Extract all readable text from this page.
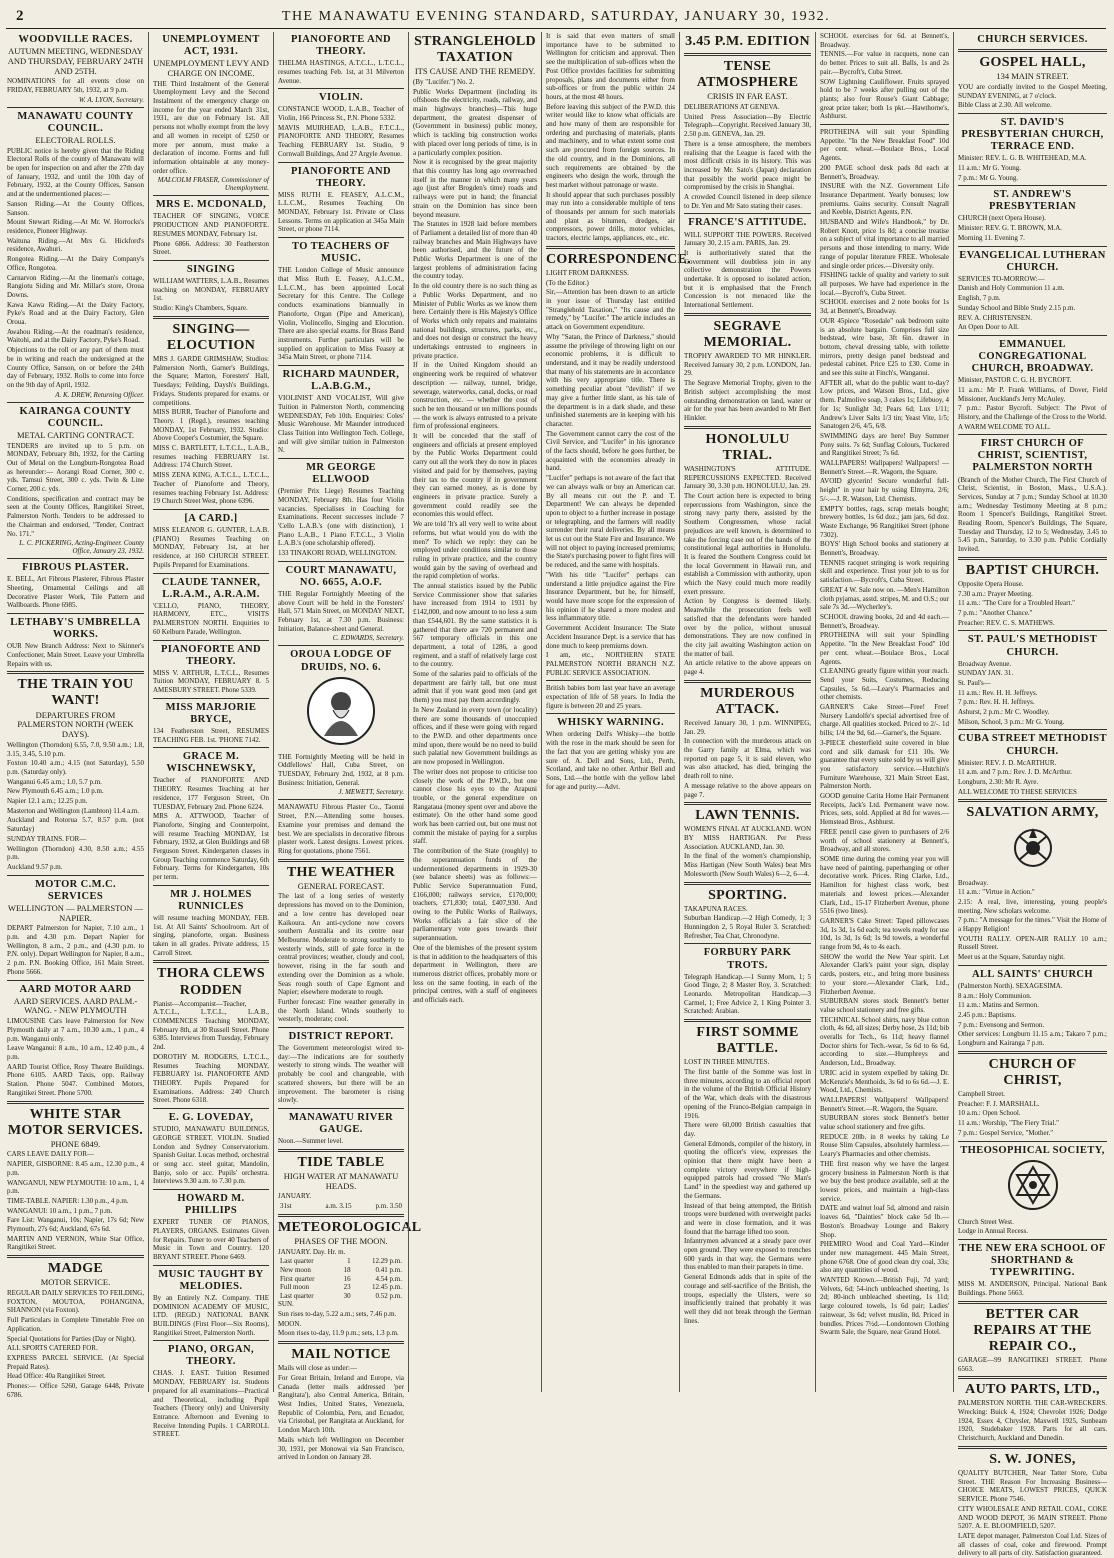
2	THE MANAWATU EVENING STANDARD, SATURDAY, JANUARY 30, 1932.
WOODVILLE RACES.
AUTUMN MEETING, WEDNESDAY AND THURSDAY, FEBRUARY 24TH AND 25TH.

NOMINATIONS for all events close on FRIDAY, FEBRUARY 5th, 1932, at 9 p.m.

W. A. LYON, Secretary.
MANAWATU COUNTY COUNCIL.
ELECTORAL ROLLS.

PUBLIC notice is hereby given that the Riding Electoral Rolls of the county of Manawatu will be open for inspection on and after the 27th day of January, 1932, and until the 10th day of February, 1932, at the County Offices, Sanson and at the undermentioned places:—

Sanson Riding.—At the County Offices, Sanson.

Mount Stewart Riding.—At Mr. W. Horrocks's residence, Pioneer Highway.

Waituna Riding.—At Mrs G. Hickford's residence, Awahuri.

Rongotea Riding.—At the Dairy Company's Office, Rongotea.

Carnarvon Riding.—At the lineman's cottage, Rangiotu Siding and Mr. Millar's store, Oroua Downs.

Kawa Kawa Riding.—At the Dairy Factory, Pyke's Road and at the Dairy Factory, Glen Oroua.

Awahou Riding.—At the roadman's residence, Waitohi, and at the Dairy Factory, Pyke's Road.

Objections to the roll or any part of them must be in writing and reach the undersigned at the County Office, Sanson, on or before the 24th day of February, 1932. Rolls to come into force on the 9th day of April, 1932.

A. K. DREW, Returning Officer.
KAIRANGA COUNTY COUNCIL.
METAL CARTING CONTRACT.

TENDERS are invited up to 5 p.m. on MONDAY, February 8th, 1932, for the Carting Out of Metal on the Longburn-Rongotea Road as hereunder:— Aorangi Road Corner, 300 c. yds. Tamsui Street, 300 c. yds. Twin & Line Corner, 200 c. yds.

Conditions, specification and contract may be seen at the County Offices, Rangitikei Street, Palmerston North. Tenders to be addressed to the Chairman and endorsed, "Tender, Contract No. 171."

L. C. PICKERING, Acting-Engineer. County Office, January 23, 1932.
FIBROUS PLASTER.

E. BELL, Art Fibrous Plasterer, Fibrous Plaster Sheeting, Ornamental Ceilings and all Decorative Plaster Work, Tile Pattern and Wallboards. Phone 6985.

LETHABY'S UMBRELLA WORKS.

OUR New Branch Address: Next to Skinner's Confectioner, Main Street. Leave your Umbrella Repairs with us.

THE TRAIN YOU WANT!
DEPARTURES FROM PALMERSTON NORTH (WEEK DAYS).

Wellington (Thorndon) 6.55, 7.0, 9.50 a.m.; 1.8, 3.15, 3.45, 5.10 p.m.

Foxton 10.40 a.m.; 4.15 (not Saturday), 5.50 p.m. (Saturday only).

Wanganui 6.45 a.m.; 1.0, 5.7 p.m.

New Plymouth 6.45 a.m.; 1.0 p.m.

Napier 12.1 a.m.; 12.25 p.m.

Masterton and Wellington (Lambton) 11.4 a.m.

Auckland and Rotorua 5.7, 8.57 p.m. (not Saturday)

SUNDAY TRAINS. FOR—

Wellington (Thorndon) 4.30, 8.50 a.m.; 4.55 p.m.

Auckland 9.57 p.m.

MOTOR C.M.C. SERVICES
WELLINGTON — PALMERSTON — NAPIER.

DEPART Palmerston for Napier, 7.10 a.m., 1 p.m. and 4.30 p.m. Depart Napier for Wellington, 8 a.m., 2 p.m., and (4.30 p.m. to P.N. only). Depart Wellington for Napier, 8 a.m., 2 p.m. P.N. Booking Office, 161 Main Street. Phone 5666.

AARD MOTOR AARD
AARD SERVICES. AARD PALM.- WANG. - NEW PLYMOUTH

LIMOUSINE Cars leave Palmerston for New Plymouth daily at 7 a.m., 10.30 a.m., 1 p.m., 4 p.m. Wanganui only.

Leave Wanganui: 8 a.m., 10 a.m., 12.40 p.m., 4 p.m.

AARD Tourist Office, Rosy Theatre Buildings. Phone 6105. AARD Taxis, opp. Railway Station. Phone 5047. Combined Motors, Rangitikei Street. Phone 5700.

WHITE STAR MOTOR SERVICES.
PHONE 6849.

CARS LEAVE DAILY FOR—

NAPIER, GISBORNE: 8.45 a.m., 12.30 p.m., 4 p.m.

WANGANUI, NEW PLYMOUTH: 10 a.m., 1, 4 p.m.

TIME-TABLE. NAPIER: 1.30 p.m., 4 p.m.

WANGANUI: 10 a.m., 1 p.m., 7 p.m.

Fare List: Wanganui, 10s; Napier, 17s 6d; New Plymouth, 27s 6d; Auckland, 67s 6d.

MARTIN AND VERNON, White Star Office, Rangitikei Street.

MADGE
MOTOR SERVICE.

REGULAR DAILY SERVICES TO FEILDING, FOXTON, MOUTOA, POHANGINA, SHANNON (via Foxton).

Full Particulars in Complete Timetable Free on Application.

Special Quotations for Parties (Day or Night).

ALL SPORTS CATERED FOR.

EXPRESS PARCEL SERVICE. (At Special Prepaid Rates).

Head Office: 40a Rangitikei Street.

Phones:— Office 5260, Garage 6448, Private 6786.

UNEMPLOYMENT ACT, 1931.
UNEMPLOYMENT LEVY AND CHARGE ON INCOME.

THE Third Instalment of the General Unemployment Levy and the Second Instalment of the emergency charge on income for the year ended March 31st, 1931, are due on February 1st. All persons not wholly exempt from the levy and all women in receipt of £250 or more per annum, must make a declaration of income. Forms and full information obtainable at any money-order office.

MALCOLM FRASER, Commissioner of Unemployment.
MRS E. MCDONALD,

TEACHER OF SINGING, VOICE PRODUCTION AND PIANOFORTE. RESUMES MONDAY, February 1st.

Phone 6866. Address: 30 Featherston Street.

SINGING

WILLIAM WATTERS, L.A.B., Resumes teaching on MONDAY, FEBRUARY 1st.

Studio: King's Chambers, Square.

SINGING—ELOCUTION

MRS J. GARDE GRIMSHAW, Studios: Palmerston North, Garner's Buildings, the Square; Marton, Foresters' Hall, Tuesdays; Feilding, Daysh's Buildings, Fridays. Students prepared for exams. or competitions.

MISS BURR, Teacher of Pianoforte and Theory. 1 (Regd.), resumes teaching MONDAY, 1st February, 1932. Studio: Above Cooper's Costumier, the Square.

MISS C. BARTLETT, L.T.C.L., L.A.B., resumes teaching FEBRUARY 1st. Address: 174 Church Street.

MISS ZENA KING, A.T.C.L., L.T.C.L., Teacher of Pianoforte and Theory, resumes teaching February 1st. Address: 19 Church Street West, phone 6396.

[A CARD.]

MISS ELEANOR G. GUNTER, L.A.B. (PIANO) Resumes Teaching on MONDAY, February 1st, at her residence, at 160 CHURCH STREET. Pupils Prepared for Examinations.

CLAUDE TANNER, L.R.A.M., A.R.A.M.

'CELLO, PIANO, THEORY, HARMONY, ETC., VISITS PALMERSTON NORTH. Enquiries to 60 Kelburn Parade, Wellington.

PIANOFORTE AND THEORY.

MISS V. ARTHUR, L.T.C.L., Resumes Tuition MONDAY, FEBRUARY 8. 5 AMESBURY STREET. Phone 5339.

MISS MARJORIE BRYCE,

134 Featherston Street, RESUMES TEACHING FEB. 1st. 'PHONE 7142.

GRACE M. WISCHNEWSKY,

Teacher of PIANOFORTE AND THEORY. Resumes Teaching at her residence, 177 Ferguson Street, On TUESDAY, February 2nd. Phone 6224.

MRS A. ATTWOOD, Teacher of Pianoforte, Singing and Counterpoint, will resume Teaching MONDAY, 1st February, 1932, at Glen Buildings and 68 Ferguson Street. Kindergarten classes in Group Teaching commence Saturday, 6th February. Terms for Kindergarten, 10s per term.

MR J. HOLMES RUNNICLES

will resume teaching MONDAY, FEB. 1st. At All Saints' Schoolroom. Art of singing, pianoforte, organ. Business taken in all grades. Private address, 15 Carroll Street.

THORA CLEWS RODDEN

Pianist—Accompanist—Teacher, A.T.C.L., L.T.C.L., L.A.B., COMMENCES Teaching MONDAY, February 8th, at 30 Russell Street. Phone 6385. Interviews from Tuesday, February 2nd.

DOROTHY M. RODGERS, L.T.C.L., Resumes Teaching MONDAY, FEBRUARY 1st. PIANOFORTE AND THEORY. Pupils Prepared for Examinations. Address: 240 Church Street. Phone 6318.

E. G. LOVEDAY,

STUDIO, MANAWATU BUILDINGS, GEORGE STREET. VIOLIN. Studied London and Sydney Conservatorium. Spanish Guitar. Lucas method, orchestral or song acc. steel guitar, Mandolin, Banjo, solo or acc. Pupils' orchestra. Interviews 9.30 a.m. to 7.30 p.m.

HOWARD M. PHILLIPS

EXPERT TUNER OF PIANOS, PLAYERS, ORGANS. Estimates Given for Repairs. Tuner to over 40 Teachers of Music in Town and Country. 120 BRYANT STREET. Phone 6469.

MUSIC TAUGHT BY MELODIES.

By an Entirely N.Z. Company. THE DOMINION ACADEMY OF MUSIC, LTD. (REGD.) NATIONAL BANK BUILDINGS (First Floor—Six Rooms), Rangitikei Street, Palmerston North.

PIANO, ORGAN, THEORY.

CHAS. J. EAST. Tuition Resumed MONDAY, FEBRUARY 1st. Students prepared for all examinations—Practical and Theoretical, including Pupil Teachers (Theory only) and University Entrance. Afternoon and Evening to Receive Intending Pupils. 1 CARROLL STREET.

PIANOFORTE AND THEORY.

THELMA HASTINGS, A.T.C.L., L.T.C.L., resumes teaching Feb. 1st, at 31 Milverton Avenue.

VIOLIN.

CONSTANCE WOOD, L.A.B., Teacher of Violin, 166 Princess St., P.N. Phone 5332.

MAVIS MUIRHEAD, L.A.B., F.T.C.L., PIANOFORTE AND THEORY, Resumes Teaching FEBRUARY 1st. Studio, 9 Cornwall Buildings, And 27 Argyle Avenue.

PIANOFORTE AND THEORY.

MISS RUTH E. FEASEY, A.L.C.M., L.L.C.M., Resumes Teaching On MONDAY, February 1st. Private or Class Lessons. Terms on application at 345a Main Street, or phone 7114.

TO TEACHERS OF MUSIC.

THE London College of Music announce that Miss Ruth E. Feasey, A.L.C.M., L.L.C.M., has been appointed Local Secretary for this Centre. The College conducts examinations biannually in Pianoforte, Organ (Pipe and American), Violin, Violincello, Singing and Elocution. There are also special exams. for Brass Band instruments. Further particulars will be supplied on application to Miss Feasey at 345a Main Street, or phone 7114.

RICHARD MAUNDER, L.A.B.G.M.,

VIOLINIST AND VOCALIST, Will give Tuition in Palmerston North, commencing WEDNESDAY, Feb 10th. Enquiries: Coles' Music Warehouse. Mr Maunder introduced Class Tuition into Wellington Tech. College, and will give similar tuition in Palmerston N.

MR GEORGE ELLWOOD

(Premier Prix Liege) Resumes Teaching MONDAY, February 8th. Has four Violin vacancies. Specialises in Coaching for Examinations. Recent successes include 7 'Cello L.A.B.'s (one with distinction), 1 Piano L.A.B., 1 Piano F.T.C.L., 3 Violin L.A.B.'s (one scholarship offered).

133 TINAKORI ROAD, WELLINGTON.

COURT MANAWATU, NO. 6655, A.O.F.

THE Regular Fortnightly Meeting of the above Court will be held in the Foresters' Hall, 571 Main Street, on MONDAY NEXT, February 1st, at 7.30 p.m. Business: Initiation, Balance-sheet and General.

C. EDWARDS, Secretary.
OROUA LODGE OF DRUIDS, NO. 6.

THE Fortnightly Meeting will be held in Oddfellows' Hall, Cuba Street, on TUESDAY, February 2nd, 1932, at 8 p.m. Business: Initiation, General.

J. MEWETT, Secretary.

MANAWATU Fibrous Plaster Co., Taonui Street, P.N.—Attending some houses. Examine your premises and demand the best. We are specialists in decorative fibrous plaster work. Latest designs. Lowest prices. Ring for quotations, phone 7561.

THE WEATHER
GENERAL FORECAST.

The last of a long series of westerly depressions has moved on to the Dominion, and a low centre has developed near Kaikoura. An anti-cyclone now covers southern Australia and its centre near Melbourne. Moderate to strong southerly to westerly winds, still of gale force in the central provinces; weather, cloudy and cool, however, rising in the far south and extending over the Dominion as a whole. Seas rough south of Cape Egmont and Napier; elsewhere moderate to rough.

Further forecast: Fine weather generally in the North Island. Winds southerly to westerly, moderate; cool.

DISTRICT REPORT.

The Government meteorologist wired to-day:—The indications are for southerly westerly to strong winds. The weather will probably be cool and changeable, with scattered showers, but there will be an improvement. The barometer is rising slowly.

MANAWATU RIVER GAUGE.

Noon.—Summer level.

TIDE TABLE
HIGH WATER AT MANAWATU HEADS.

JANUARY.

31st	a.m. 3.15	p.m. 3.50
METEOROLOGICAL
PHASES OF THE MOON.

JANUARY. Day. Hr. m.

Last quarter	1	12.29 p.m.
New moon	18	0.41 p.m.
First quarter	16	4.54 p.m.
Full moon	23	12.45 p.m.
Last quarter	30	0.52 p.m.

SUN.

Sun rises to-day, 5.22 a.m.; sets, 7.46 p.m.

MOON.

Moon rises to-day, 11.9 p.m.; sets, 1.3 p.m.

MAIL NOTICE

Mails will close as under:—

For Great Britain, Ireland and Europe, via Canada (letter mails addressed 'per Rangitata'), also Central America, Britain, West Indies, United States, Venezuela, Republic of Colombia, Peru, and Ecuador, via Cristobal, per Rangitata at Auckland, for London March 10th.

Mails which left Wellington on December 30, 1931, per Monowai via San Francisco, arrived in London on January 28.

STRANGLEHOLD TAXATION
ITS CAUSE AND THE REMEDY.

(By "Lucifer.") No. 2.

Public Works Department (including its offshoots the electricity, roads, railway, and main highways branches)—This huge department, the greatest dispenser of (Government in business) public money, which is tackling big construction works with placed over long periods of time, is in a particularly complex position.

Now it is recognised by the great majority that this country has long ago overreached itself in the manner in which many years ago (just after Brogden's time) roads and railways were put in hand; the financial strain on the Dominion has since been beyond measure.

The Statutes in 1928 laid before members of Parliament a detailed list of more than 40 railway branches and Main Highways have been authorised, and the future of the Public Works Department is one of the largest problems of administration facing the country today.

In the old country there is no such thing as a Public Works Department, and no Minister of Public Works as we know them here. Certainly there is His Majesty's Office of Works which only repairs and maintains national buildings, structures, parks, etc., and does not design or construct the heavy undertakings entrusted to engineers in private practice.

If in the United Kingdom should an engineering work be required of whatever description — railway, tunnel, bridge, sewerage, waterworks, canal, docks, or road construction, etc. — whether the cost of such be ten thousand or ten millions pounds — the work is always entrusted to a private firm of professional engineers.

It will be conceded that the staff of engineers and officials at present employed by the Public Works Department could carry out all the work they do now in places visited and paid for by themselves, paying their tax to the country if in government they can earned money, as is done by engineers in private practice. Surely a government could readily see the economies this would effect.

We are told 'It's all very well to write about reforms, but what would you do with the men?' To which we reply: they can be employed under conditions similar to those ruling in private practice, and the country would gain by the saving of overhead and the rapid completion of works.

The annual statistics issued by the Public Service Commissioner show that salaries have increased from 1914 to 1931 by £142,000, and now amount to no less a sum than £544,601. By the same statistics it is gathered that there are 720 permanent and 567 temporary officials in this one department, a total of 1286, a good regiment, and a staff of relatively large cost to the country.

Some of the salaries paid to officials of the department are fairly tall, but one must admit that if you want good men (and get them) you must pay them accordingly.

In New Zealand in every town (or locality) there are some thousands of unoccupied offices, and if these were going with regard to the P.W.D. and other departments once mind upon, there would be no need to build such palatial new Government buildings as are now proposed in Wellington.

The writer does not propose to criticise too closely the work of the P.W.D., but one cannot close his eyes to the Arapuni trouble, or the general expenditure on Rangataua (money spent over and above the estimate). On the other hand some good work has been carried out, but one must not commit the mistake of paying for a surplus staff.

The contribution of the State (roughly) to the superannuation funds of the undermentioned departments in 1929-30 (see balance sheets) was as follows:—Public Service Superannuation Fund, £166,000; railways service, £170,000; teachers, £71,830; total, £407,930. And owing to the Public Works of Railways, Works officials a fair slice of the parliamentary vote goes towards their superannuation.

One of the blemishes of the present system is that in addition to the headquarters of this department in Wellington, there are numerous district offices, probably more or less on the same footing, in each of the principal centres, with a staff of engineers and officials each.

It is said that even matters of small importance have to be submitted to Wellington for criticism and approval. Then see the multiplication of sub-offices when the Post Office provides facilities for submitting proposals, plans and documents either from sub-offices or from the public within 24 hours, at the most 48 hours.

Before leaving this subject of the P.W.D. this writer would like to know what officials are and how many of them are responsible for ordering and purchasing of materials, plants and machinery, and to what extent some cost such are procured from foreign sources. In the old country, and in the Dominions, all such requirements are obtained by the engineers who design the work, through the best market without patronage or waste.

It should appear that such purchases possibly may run into a considerable multiple of tens of thousands per annum for such materials and plant as bitumen, dredges, air compressors, power drills, motor vehicles, tractors, electric lamps, appliances, etc., etc.

CORRESPONDENCE.

LIGHT FROM DARKNESS.

(To the Editor.)

Sir,—Attention has been drawn to an article in your issue of Thursday last entitled "Stranglehold Taxation," "Its cause and the remedy," by "Lucifer." The article includes an attack on Government expenditure.

Why "Satan, the Prince of Darkness," should assume the privilege of throwing light on our economic problems, it is difficult to understand, and it may be readily understood that many of his statements are in accordance with his very appropriate title. There is something peculiar about "devilish" if we may give a further little slant, as his tale of the department is in a dark shade, and these unfinished statements are in keeping with his character.

The Government cannot carry the cost of the Civil Service, and "Lucifer" in his ignorance of the facts should, before he goes further, be acquainted with the economies already in hand.

"Lucifer" perhaps is not aware of the fact that we can always walk or buy an American car. By all means cut out the P. and T. Department! We can always be depended upon to object to a further increase in postage or telegraphing, and the farmers will readily surrender their rural deliveries. By all means let us cut out the State Fire and Insurance. We will not object to paying increased premiums; the State's purchasing power to fight fires will be reduced, and the same with hospitals.

"With his title "Lucifer" perhaps can understand a little prejudice against the Fire Insurance Department, but he, for himself, would have more scope for the expression of his opinion if he shared a more modest and less inflammatory title.

Government Accident Insurance: The State Accident Insurance Dept. is a service that has done much to keep premiums down.

I am, etc., NORTHERN STATE PALMERSTON NORTH BRANCH N.Z. PUBLIC SERVICE ASSOCIATION.

British babies born last year have an average expectation of life of 58 years. In India the figure is between 20 and 25 years.

WHISKY WARNING.

When ordering Dell's Whisky—the bottle with the rose in the mark should be seen for the fact that you are getting whisky you are sure of. A. Dell and Sons, Ltd., Perth, Scotland, and take no other. Arthur Bell and Sons, Ltd.—the bottle with the yellow label for age and purity.—Advt.

3.45 P.M. EDITION
TENSE ATMOSPHERE
CRISIS IN FAR EAST.

DELIBERATIONS AT GENEVA.

United Press Association—By Electric Telegraph—Copyright. Received January 30, 2.50 p.m. GENEVA, Jan. 29.

There is a tense atmosphere, the members realising that the League is faced with the most difficult crisis in its history. This was increased by Mr. Sato's (Japan) declaration that possibly the world peace might be compromised by the crisis in Shanghai.

A crowded Council listened in deep silence to Dr. Yen and Mr Sato stating their cases.

FRANCE'S ATTITUDE.

WILL SUPPORT THE POWERS. Received January 30, 2.15 a.m. PARIS, Jan. 29.

It is authoritatively stated that the Government will doubtless join in any collective demonstration the Powers undertake. It is opposed to isolated action, but it is emphasised that the French Concession is not menaced like the International Settlement.

SEGRAVE MEMORIAL.

TROPHY AWARDED TO MR HINKLER. Received January 30, 2 p.m. LONDON, Jan. 29.

The Segrave Memorial Trophy, given to the British subject accomplishing the most outstanding demonstration on land, water or air for the year has been awarded to Mr Bert Hinkler.

HONOLULU TRIAL.

WASHINGTON'S ATTITUDE. REPERCUSSIONS EXPECTED. Received January 30, 3.30 p.m. HONOLULU, Jan. 29.

The Court action here is expected to bring repercussions from Washington, since the strong navy party there, assisted by the Southern Congressmen, whose racial prejudices are well known, is determined to take the forcing case out of the hands of the constitutional legal authorities in Honolulu. It is feared the Southern Congress could let the local Government in Hawaii run, and establish a Commission with authority, upon which the Navy could much more readily exert pressure.

Action by Congress is deemed likely. Meanwhile the prosecution feels well satisfied that the defendants were handed over by the police, without unusual demonstrations. They are now confined in the city jail awaiting Washington action on the matter of bail.

An article relative to the above appears on page 4.

MURDEROUS ATTACK.

Received January 30, 1 p.m. WINNIPEG, Jan. 29.

In connection with the murderous attack on the Garry family at Elma, which was reported on page 5, it is said eleven, who was also attacked, has died, bringing the death roll to nine.

A message relative to the above appears on page 7.

LAWN TENNIS.

WOMEN'S FINAL AT AUCKLAND. WON BY MISS HARTIGAN. Per Press Association. AUCKLAND, Jan. 30.

In the final of the women's championship, Miss Hartigan (New South Wales) beat Mrs Molesworth (New South Wales) 6—2, 6—4.

SPORTING.

TAKAPUNA RACES.

Suburban Handicap.—2 High Comedy, 1; 3 Hunningdon 2, 5 Royal Ruler 3. Scratched: Refresher, Tea Chat, Chronodyne.

FORBURY PARK TROTS.

Telegraph Handicap.—1 Sunny Morn, 1; 5 Good Tinge, 2; 8 Master Roy, 3. Scratched: Leonardo. Metropolitan Handicap.—3 Carmel, 1; Free Advice 2, 1 King Pointer 3. Scratched: Arabian.

FIRST SOMME BATTLE.

LOST IN THREE MINUTES.

The first battle of the Somme was lost in three minutes, according to an official report in the volume of the British Official History of the War, which deals with the disastrous opening of the Franco-Belgian campaign in 1916.

There were 60,000 British casualties that day.

General Edmonds, compiler of the history, in quoting the officer's view, expresses the opinion that there might have been a complete victory everywhere if high-equipped patrols had crossed "No Man's Land" in the speediest way and gathered up the Germans.

Instead of that being attempted, the British troops were burdened with overweight packs and were in close formation, and it was found that the barrage lifted too soon.

Infantrymen advanced at a steady pace over open ground. They were exposed to trenches 600 yards in that way, the Germans were thus enabled to man their parapets in time.

General Edmonds adds that in spite of the courage and self-sacrifice of the British, the troops, especially the Ulsters, were so insufficiently trained that probably it was well they did not break through the German lines.

SCHOOL exercises for 6d. at Bennett's, Broadway.

TENNIS.—For value in racquets, none can do better. Prices to suit all. Balls, 1s and 2s pair.—Bycroft's, Cuba Street.

SOW Lightning Cauliflower. Fruits sprayed hold to be 7 weeks after pulling out of the plants; also four Rouse's Giant Cabbage; great prize taker; both 1s pkt.—Hawthorne's, Ashhurst.

PROTHEINA will suit your Spindling Appetite. "In the New Breakfast Food" 10d per cent. wheat.—Boulace Bros., Local Agents.

200 PAGE school desk pads 8d each at Bennett's, Broadway.

INSURE with the N.Z. Government Life Insurance Department. Yearly bonuses; low premiums. Gains security. Consult Nagrall and Keeble, District Agents, P.N.

HUSBAND and Wife's Handbook," by Dr. Robert Knott, price 1s 8d; a concise treatise on a subject of vital importance to all married persons and those intending to marry. Wide range of popular literature FREE. Wholesale and single order prices.—Diversity only.

FISHING tackle of quality and variety to suit all purposes. We have had experience in the local.—Bycroft's, Cuba Street.

SCHOOL exercises and 2 note books for 1s 3d, at Bennett's, Broadway.

OUR 45piece "Rosedale" oak bedroom suite is an absolute bargain. Comprises full size bedstead, wire base, 3ft 6in. drawer in bottom, cheval dressing table, with toilette mirrors, pretty design panel bedstead and pedestal cabinet. Price £25 to £30. Come in and see this suite at Finch's, Wanganui.

AFTER all, what do the public want to-day? Low prices, and Watson Bros., Ltd., give them. Palmolive soap, 3 cakes 1s; Lifebuoy, 4 for 1s; Sunlight 3d; Pears 6d; Lux 1/11; Andrew's Liver Salts 1/3 tin; Yeast Vite, 1/5; Sanatogen 2/6, 4/5, 6/8.

SWIMMING days are here! Buy Summer Pony suits. 7s 6d; Sunflag Colours, Tuckered and Rangitikei Street; 7s 6d.

WALLPAPERS! Wallpapers! Wallpapers! — Bennett's Street.—R. Wagorn, the Square.

AVOID glycerin! Secure wonderful full-height" in your hair by using Elmyrra, 2/6; 5/-.—J. R. Watson, Ltd. Chemists.

EMPTY bottles, rags, scrap metals bought; brewery bottles, 1s 6d doz.; jam jars, 6d doz. Waste Exchange, 96 Rangitikei Street (phone 7302).

BOYS' High School books and stationery at Bennett's, Broadway.

TENNIS racquet stringing is work requiring skill and experience. Trust your job to us for satisfaction.—Bycroft's, Cuba Street.

GREAT 4 W. Sale now on. —Men's Hamilton cloth pyjamas, asstd. stripes, M. and O.S.; our sale 7s 3d.—Wycherley's.

SCHOOL drawing books, 2d and 4d each.—Bennett's, Broadway.

PROTHEINA will suit your Spindling Appetite. "In the New Breakfast Food" 10d per cent. wheat.—Boulace Bros., Local Agents.

CLEANING greatly figure within your reach. Send your Suits, Costumes, Reducing Capsules, 5s 6d.—Leary's Pharmacies and other chemists.

GARNER'S Cake Street—Free! Free! Nursery Landolfe's special advertised free of charge. All qualities stocked. Priced to 2/-. 1d bills; 1/4 the 9d, 6d.—Garner's, the Square.

3-PIECE chesterfield suite covered in blue cord and silk damask for £11 10s. We guarantee that every suite sold by us will give you satisfactory service.—Hutchin's Furniture Warehouse, 321 Main Street East, Palmerston North.

GOOD genuine Carita Home Hair Permanent Receipts, Jack's Ltd. Permanent wave now. Prices, sets, sold. Applied at 8d for waves.—Hemstead Bros., Ashhurst.

FREE pencil case given to purchasers of 2/6 worth of school stationery at Bennett's, Broadway, and all stores.

SOME time during the coming year you will have need of painting, paperhanging or other decorative work. Prices. Ring Clarke, Ltd., Hamilton for highest class work, best materials and lowest prices.—Alexander Clark, Ltd., 15-17 Fitzherbert Avenue, phone 5516 (two lines).

GARNER'S Cake Street: Taped pillowcases 3d, 1s 3d, 1s 6d each; tea towels ready for use 10d, 1s 3d, 1s 6d; 1s 9d towels, a wonderful range from 9d, 4s to 4s each.

SHOW the world the New Year spirit. Let Alexander Clark's paint your sign, display cards, posters, etc., and bring more business to your store.—Alexander Clark, Ltd., Fitzherbert Avenue.

SUBURBAN stores stock Bennett's better value school stationery and free gifts.

TECHNICAL School shirts, navy blue cotton cloth, 4s 6d, all sizes; Derby hose, 2s 11d; bib overalls for Tech., 6s 11d; heavy flannel Doctor shirts for Tech.-wear, 5s 6d to 6s 6d, according to size.—Humphreys and Anderson, Ltd., Broadway.

URIC acid in system expelled by taking Dr. McKenzie's Menthoids, 3s 6d to 6s 6d.—J. E. Wood, Ltd., Chemists.

WALLPAPERS! Wallpapers! Wallpapers! Bennett's Street.—R. Wagorn, the Square.

SUBURBAN stores stock Bennett's better value school stationery and free gifts.

REDUCE 20lb. in 8 weeks by taking Le Rouse Slim Capsules, absolutely harmless.—Leary's Pharmacies and other chemists.

THE first reason why we have the largest grocery business in Palmerston North is that we buy the best produce available, sell at the lowest prices, and maintain a high-class service.

DATE and walnut loaf 5d, almond and raisin loaves 6d, "Dainties" block cake 5d lb.—Boston's Broadway Lounge and Bakery Shop.

PHEMIRO Wood and Coal Yard—Kinder under new management. 445 Main Street, phone 6768. One of good clean dry coal, 33s; also any quantities of wood.

WANTED Known.—British Fuji, 7d yard; Velvets, 6d; 54-inch unbleached sheeting, 1s 2d; 80-inch unbleached sheeting, 1s 11d; large coloured towels, 1s 6d pair; Ladies' rainwear, 3s 6d; velvet muslin, 8d. Priced in bundles. Prices 7½d.—Londontown Clothing Swarm Sale, the Square, near Grand Hotel.

CHURCH SERVICES.
GOSPEL HALL,
134 MAIN STREET.

YOU are cordially invited to the Gospel Meeting, SUNDAY EVENING, at 7 o'clock.

Bible Class at 2.30. All welcome.

ST. DAVID'S PRESBYTERIAN CHURCH, TERRACE END.

Minister: REV. L. G. B. WHITEHEAD, M.A.

11 a.m.: Mr G. Young.

7 p.m.: Mr G. Young.

ST. ANDREW'S PRESBYTERIAN

CHURCH (next Opera House).

Minister: REV. G. T. BROWN, M.A.

Morning 11. Evening 7.

EVANGELICAL LUTHERAN CHURCH.

SERVICES TO-MORROW:—

Danish and Holy Communion 11 a.m.

English, 7 p.m.

Sunday School and Bible Study 2.15 p.m.

REV. A. CHRISTENSEN.

An Open Door to All.

EMMANUEL CONGREGATIONAL CHURCH, BROADWAY.

Minister, PASTOR C. G. H. BYCROFT.

11 a.m.: Mr P. Frank Williams, of Dover, Field Missioner, Auckland's Jerry McAuley.

7 p.m.: Pastor Bycroft. Subject: The Pivot of History, and the Challenge of the Cross to the World.

A WARM WELCOME TO ALL.

FIRST CHURCH OF CHRIST, SCIENTIST, PALMERSTON NORTH

(Branch of the Mother Church, The First Church of Christ, Scientist, in Boston, Mass., U.S.A.). Services, Sunday at 7 p.m.; Sunday School at 10.30 a.m.; Wednesday Testimony Meeting at 8 p.m.; Room 1 Spencer's Buildings, Rangitikei Street. Reading Room, Spencer's Buildings, The Square, Tuesday and Thursday, 12 to 5; Wednesday, 3.45 to 5.45 p.m., Saturday, to 3.30 p.m. Public Cordially Invited.

BAPTIST CHURCH.

Opposite Opera House.

7.30 a.m.: Prayer Meeting.

11 a.m.: "The Cure for a Troubled Heart."

7 p.m.: "Another Chance."

Preacher: REV. C. S. MATHEWS.

ST. PAUL'S METHODIST CHURCH.

Broadway Avenue.

SUNDAY JAN. 31.

St. Paul's—

11 a.m.: Rev. H. H. Jeffreys.

7 p.m.: Rev. H. H. Jeffreys.

Ashurst, 2 p.m.: Mr C. Woodley.

Milson, School, 3 p.m.: Mr G. Young.

CUBA STREET METHODIST CHURCH.

Minister: REV. J. D. McARTHUR.

11 a.m. and 7 p.m.: Rev. J. D. McArthur.

Longburn, 2.30: Mr R. Ayre.

ALL WELCOME TO THESE SERVICES

SALVATION ARMY,

Broadway.

11 a.m.: "Virtue in Action."

2.15: A real, live, interesting, young people's meeting. New scholars welcome.

7 p.m.: "A message for the times." Visit the Home of a Happy Religion!

YOUTH RALLY. OPEN-AIR RALLY 10 a.m.; Russell Street.

Meet us at the Square, Saturday night.

ALL SAINTS' CHURCH

(Palmerston North). SEXAGESIMA.

8 a.m.: Holy Communion.

11 a.m.: Matins and Sermon.

2.45 p.m.: Baptisms.

7 p.m.: Evensong and Sermon.

Other services: Longburn 11.15 a.m.; Takaro 7 p.m.; Longburn and Kairanga 7 p.m.

CHURCH OF CHRIST,

Campbell Street.

Preacher: F. J. MARSHALL.

10 a.m.: Open School.

11 a.m.: Worship, "The Fiery Trial."

7 p.m.: Gospel Service, "Mother."

THEOSOPHICAL SOCIETY,

Church Street West.

Lodge in Annual Recess.

THE NEW ERA SCHOOL OF SHORTHAND & TYPEWRITING.

MISS M. ANDERSON, Principal. National Bank Buildings. Phone 5663.

BETTER CAR REPAIRS AT THE REPAIR CO.,

GARAGE—99 RANGITIKEI STREET. Phone 6563.

AUTO PARTS, LTD.,

PALMERSTON NORTH. THE CAR-WRECKERS. Wrecking: Buick 4, 1924; Chevrolet 1926; Dodge 1924, Essex 4, Chrysler, Maxwell 1925, Sunbeam 1920, Studebaker 1928. Parts for all cars. Christchurch, Auckland and Dunedin.

S. W. JONES,

QUALITY BUTCHER, Near Tatter Store, Cuba Street. THE Reason For Increasing Business— CHOICE MEATS, LOWEST PRICES, QUICK SERVICE. Phone 7546.

CITY WHOLESALE AND RETAIL COAL, COKE AND WOOD DEPOT, 36 MAIN STREET. Phone 5207. A. E. BLOOMFIELD, 5207.

LATE depot manager, Palmerston Coal Ltd. Sizes of all classes of coal, coke and firewood. Prompt delivery to all parts of city. Satisfaction guaranteed.
